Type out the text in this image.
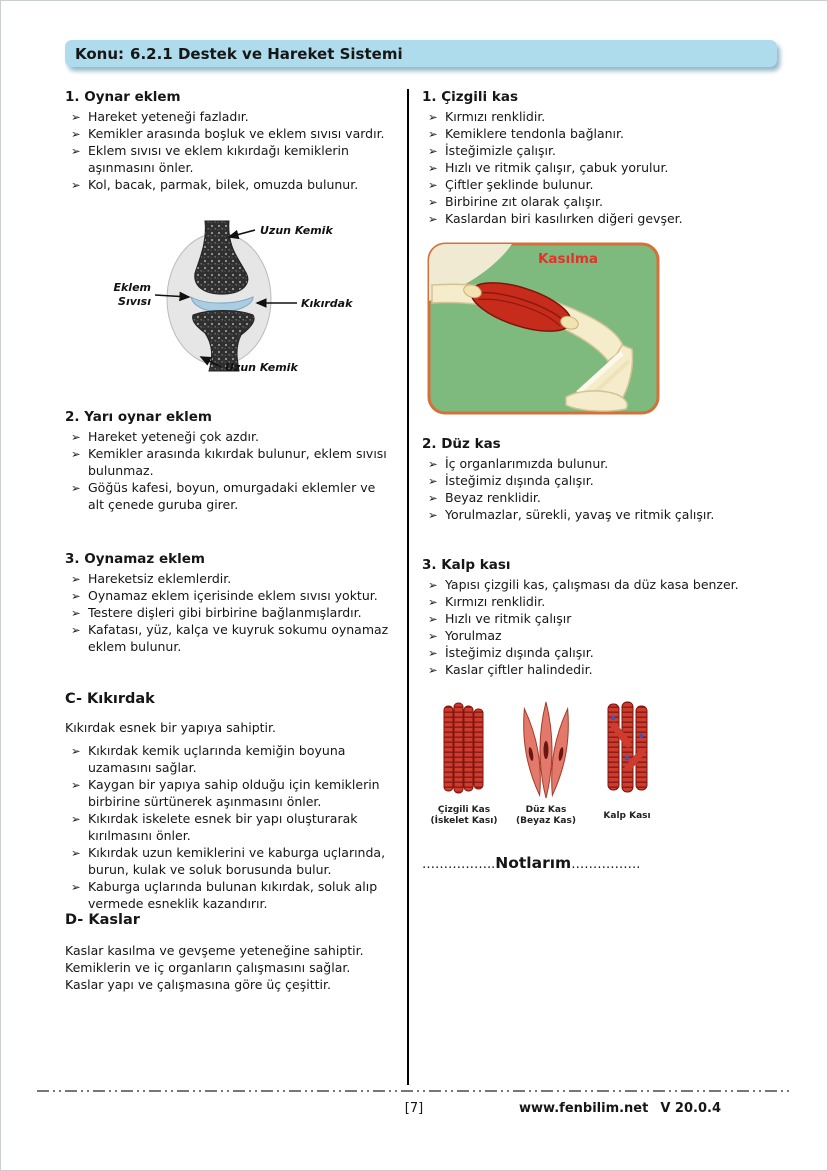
Konu: 6.2.1 Destek ve Hareket Sistemi
1. Oynar eklem
➢ Hareket yeteneği fazladır.
➢ Kemikler arasında boşluk ve eklem sıvısı vardır.
➢ Eklem sıvısı ve eklem kıkırdağı kemiklerin aşınmasını önler.
➢ Kol, bacak, parmak, bilek, omuzda bulunur.
Uzun Kemik
Eklem
Sıvısı	Kıkırdak
Uzun Kemik
2. Yarı oynar eklem
➢ Hareket yeteneği çok azdır.
➢ Kemikler arasında kıkırdak bulunur, eklem sıvısı bulunmaz.
➢ Göğüs kafesi, boyun, omurgadaki eklemler ve alt çenede guruba girer.
3. Oynamaz eklem
➢ Hareketsiz eklemlerdir.
➢ Oynamaz eklem içerisinde eklem sıvısı yoktur.
➢ Testere dişleri gibi birbirine bağlanmışlardır.
➢ Kafatası, yüz, kalça ve kuyruk sokumu oynamaz eklem bulunur.
C- Kıkırdak
Kıkırdak esnek bir yapıya sahiptir.
➢ Kıkırdak kemik uçlarında kemiğin boyuna uzamasını sağlar.
➢ Kaygan bir yapıya sahip olduğu için kemiklerin birbirine sürtünerek aşınmasını önler.
➢ Kıkırdak iskelete esnek bir yapı oluşturarak kırılmasını önler.
➢ Kıkırdak uzun kemiklerini ve kaburga uçlarında, burun, kulak ve soluk borusunda bulur.
➢ Kaburga uçlarında bulunan kıkırdak, soluk alıp vermede esneklik kazandırır.
D- Kaslar
Kaslar kasılma ve gevşeme yeteneğine sahiptir.
Kemiklerin ve iç organların çalışmasını sağlar.
Kaslar yapı ve çalışmasına göre üç çeşittir.
1. Çizgili kas
➢ Kırmızı renklidir.
➢ Kemiklere tendonla bağlanır.
➢ İsteğimizle çalışır.
➢ Hızlı ve ritmik çalışır, çabuk yorulur.
➢ Çiftler şeklinde bulunur.
➢ Birbirine zıt olarak çalışır.
➢ Kaslardan biri kasılırken diğeri gevşer.
Kasılma
2. Düz kas
➢ İç organlarımızda bulunur.
➢ İsteğimiz dışında çalışır.
➢ Beyaz renklidir.
➢ Yorulmazlar, sürekli, yavaş ve ritmik çalışır.
3. Kalp kası
➢ Yapısı çizgili kas, çalışması da düz kasa benzer.
➢ Kırmızı renklidir.
➢ Hızlı ve ritmik çalışır
➢ Yorulmaz
➢ İsteğimiz dışında çalışır.
➢ Kaslar çiftler halindedir.
Çizgili Kas
(İskelet Kası)
Düz Kas
(Beyaz Kas)	Kalp Kası
……………..Notlarım…………….
[7]	www.fenbilim.net V 20.0.4
